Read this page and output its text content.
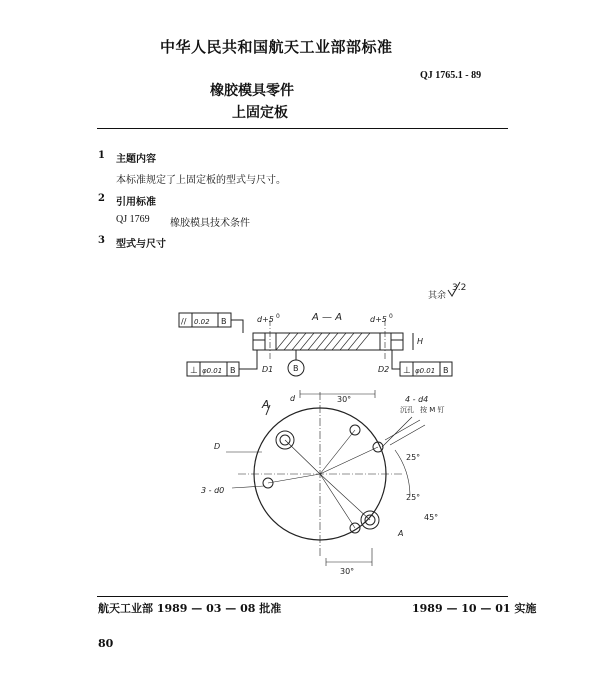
中华人民共和国航天工业部部标准
QJ 1765.1 - 89
橡胶模具零件
上固定板
1 主题内容
本标准规定了上固定板的型式与尺寸。
2 引用标准
QJ 1769 橡胶模具技术条件
3 型式与尺寸
其余
3.2
A — A
// 0.02 B	d+5 0	d+5 0
H
⊥ φ0.01 B	D1 B	D2 ⊥ φ0.01 B
A	30°
d
D
3 - d0
4 - d4
沉孔 按 M 钉
25°
25°
45°
A
30°
航天工业部 1989 — 03 — 08 批准	1989 — 10 — 01 实施
80
